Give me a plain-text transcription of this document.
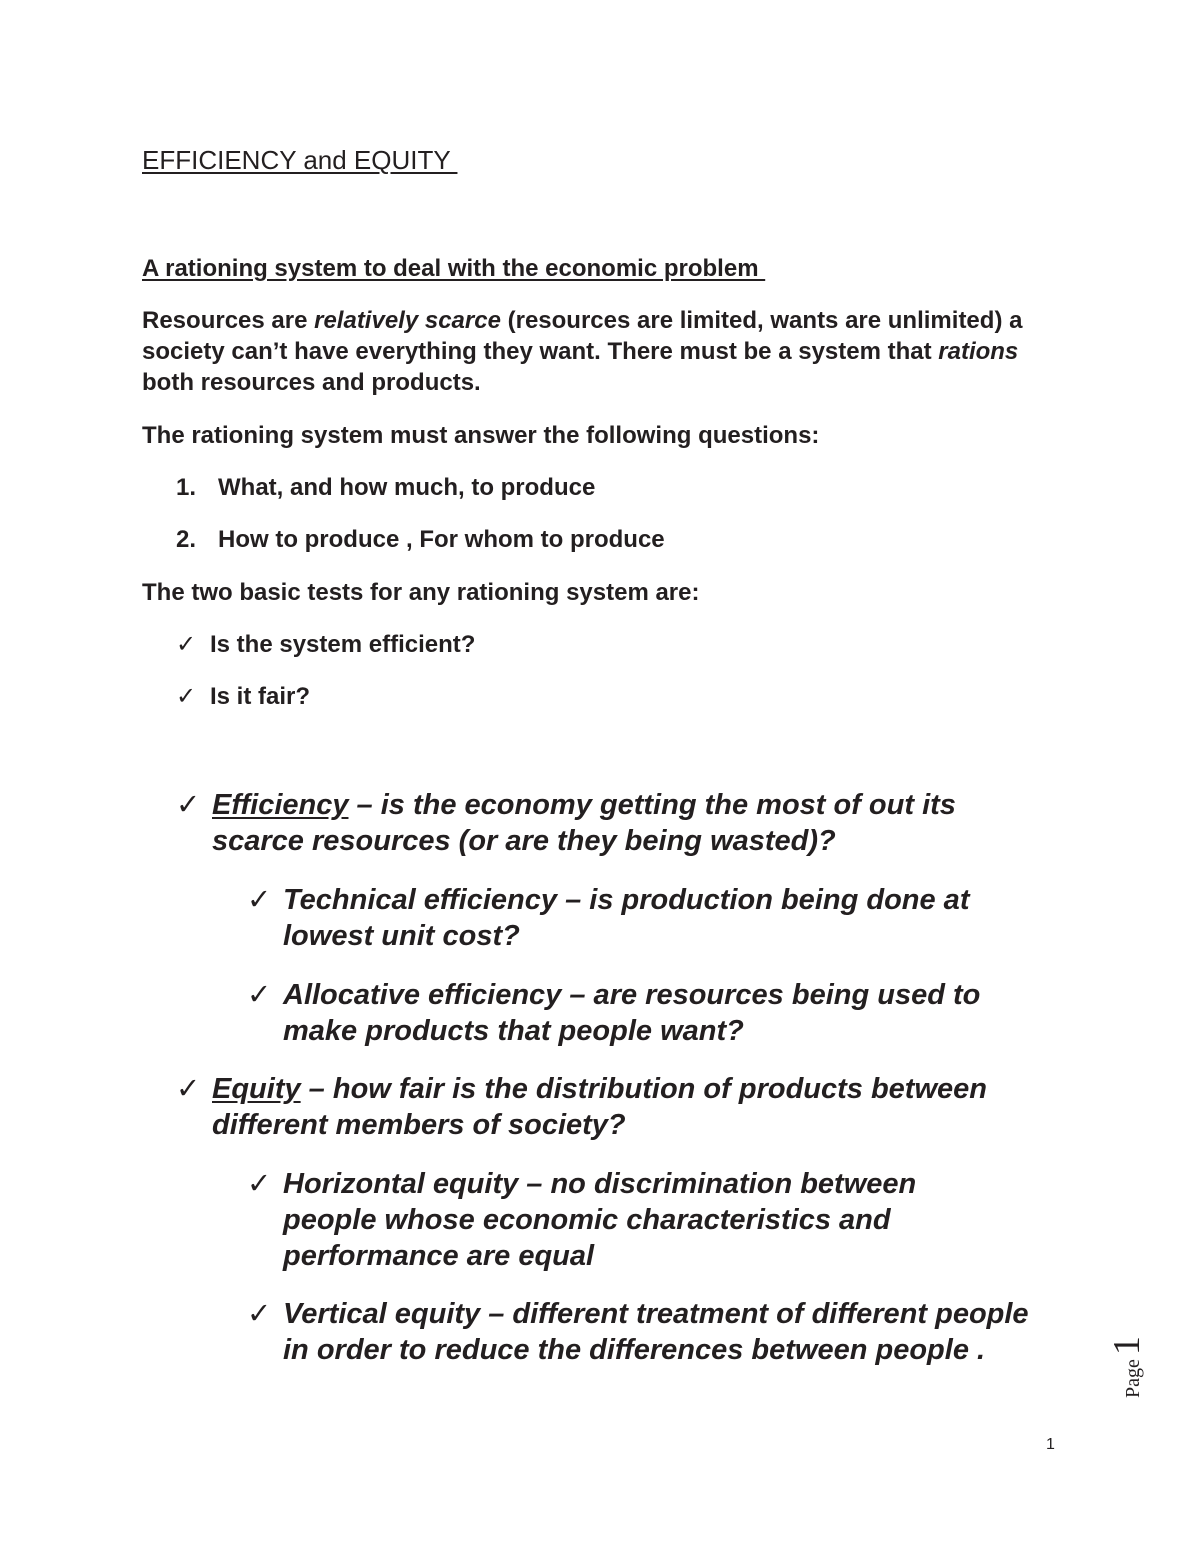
EFFICIENCY and EQUITY
A rationing system to deal with the economic problem

Resources are relatively scarce (resources are limited, wants are unlimited) a society can’t have everything they want. There must be a system that rations both resources and products.

The rationing system must answer the following questions:

1. What, and how much, to produce
2. How to produce , For whom to produce

The two basic tests for any rationing system are:

✓ Is the system efficient?
✓ Is it fair?
✓ Efficiency – is the economy getting the most of out its scarce resources (or are they being wasted)?
✓ Technical efficiency – is production being done at lowest unit cost?
✓ Allocative efficiency – are resources being used to make products that people want?
✓ Equity – how fair is the distribution of products between different members of society?
✓ Horizontal equity – no discrimination between people whose economic characteristics and performance are equal
✓ Vertical equity – different treatment of different people in order to reduce the differences between people .
Page1
1
